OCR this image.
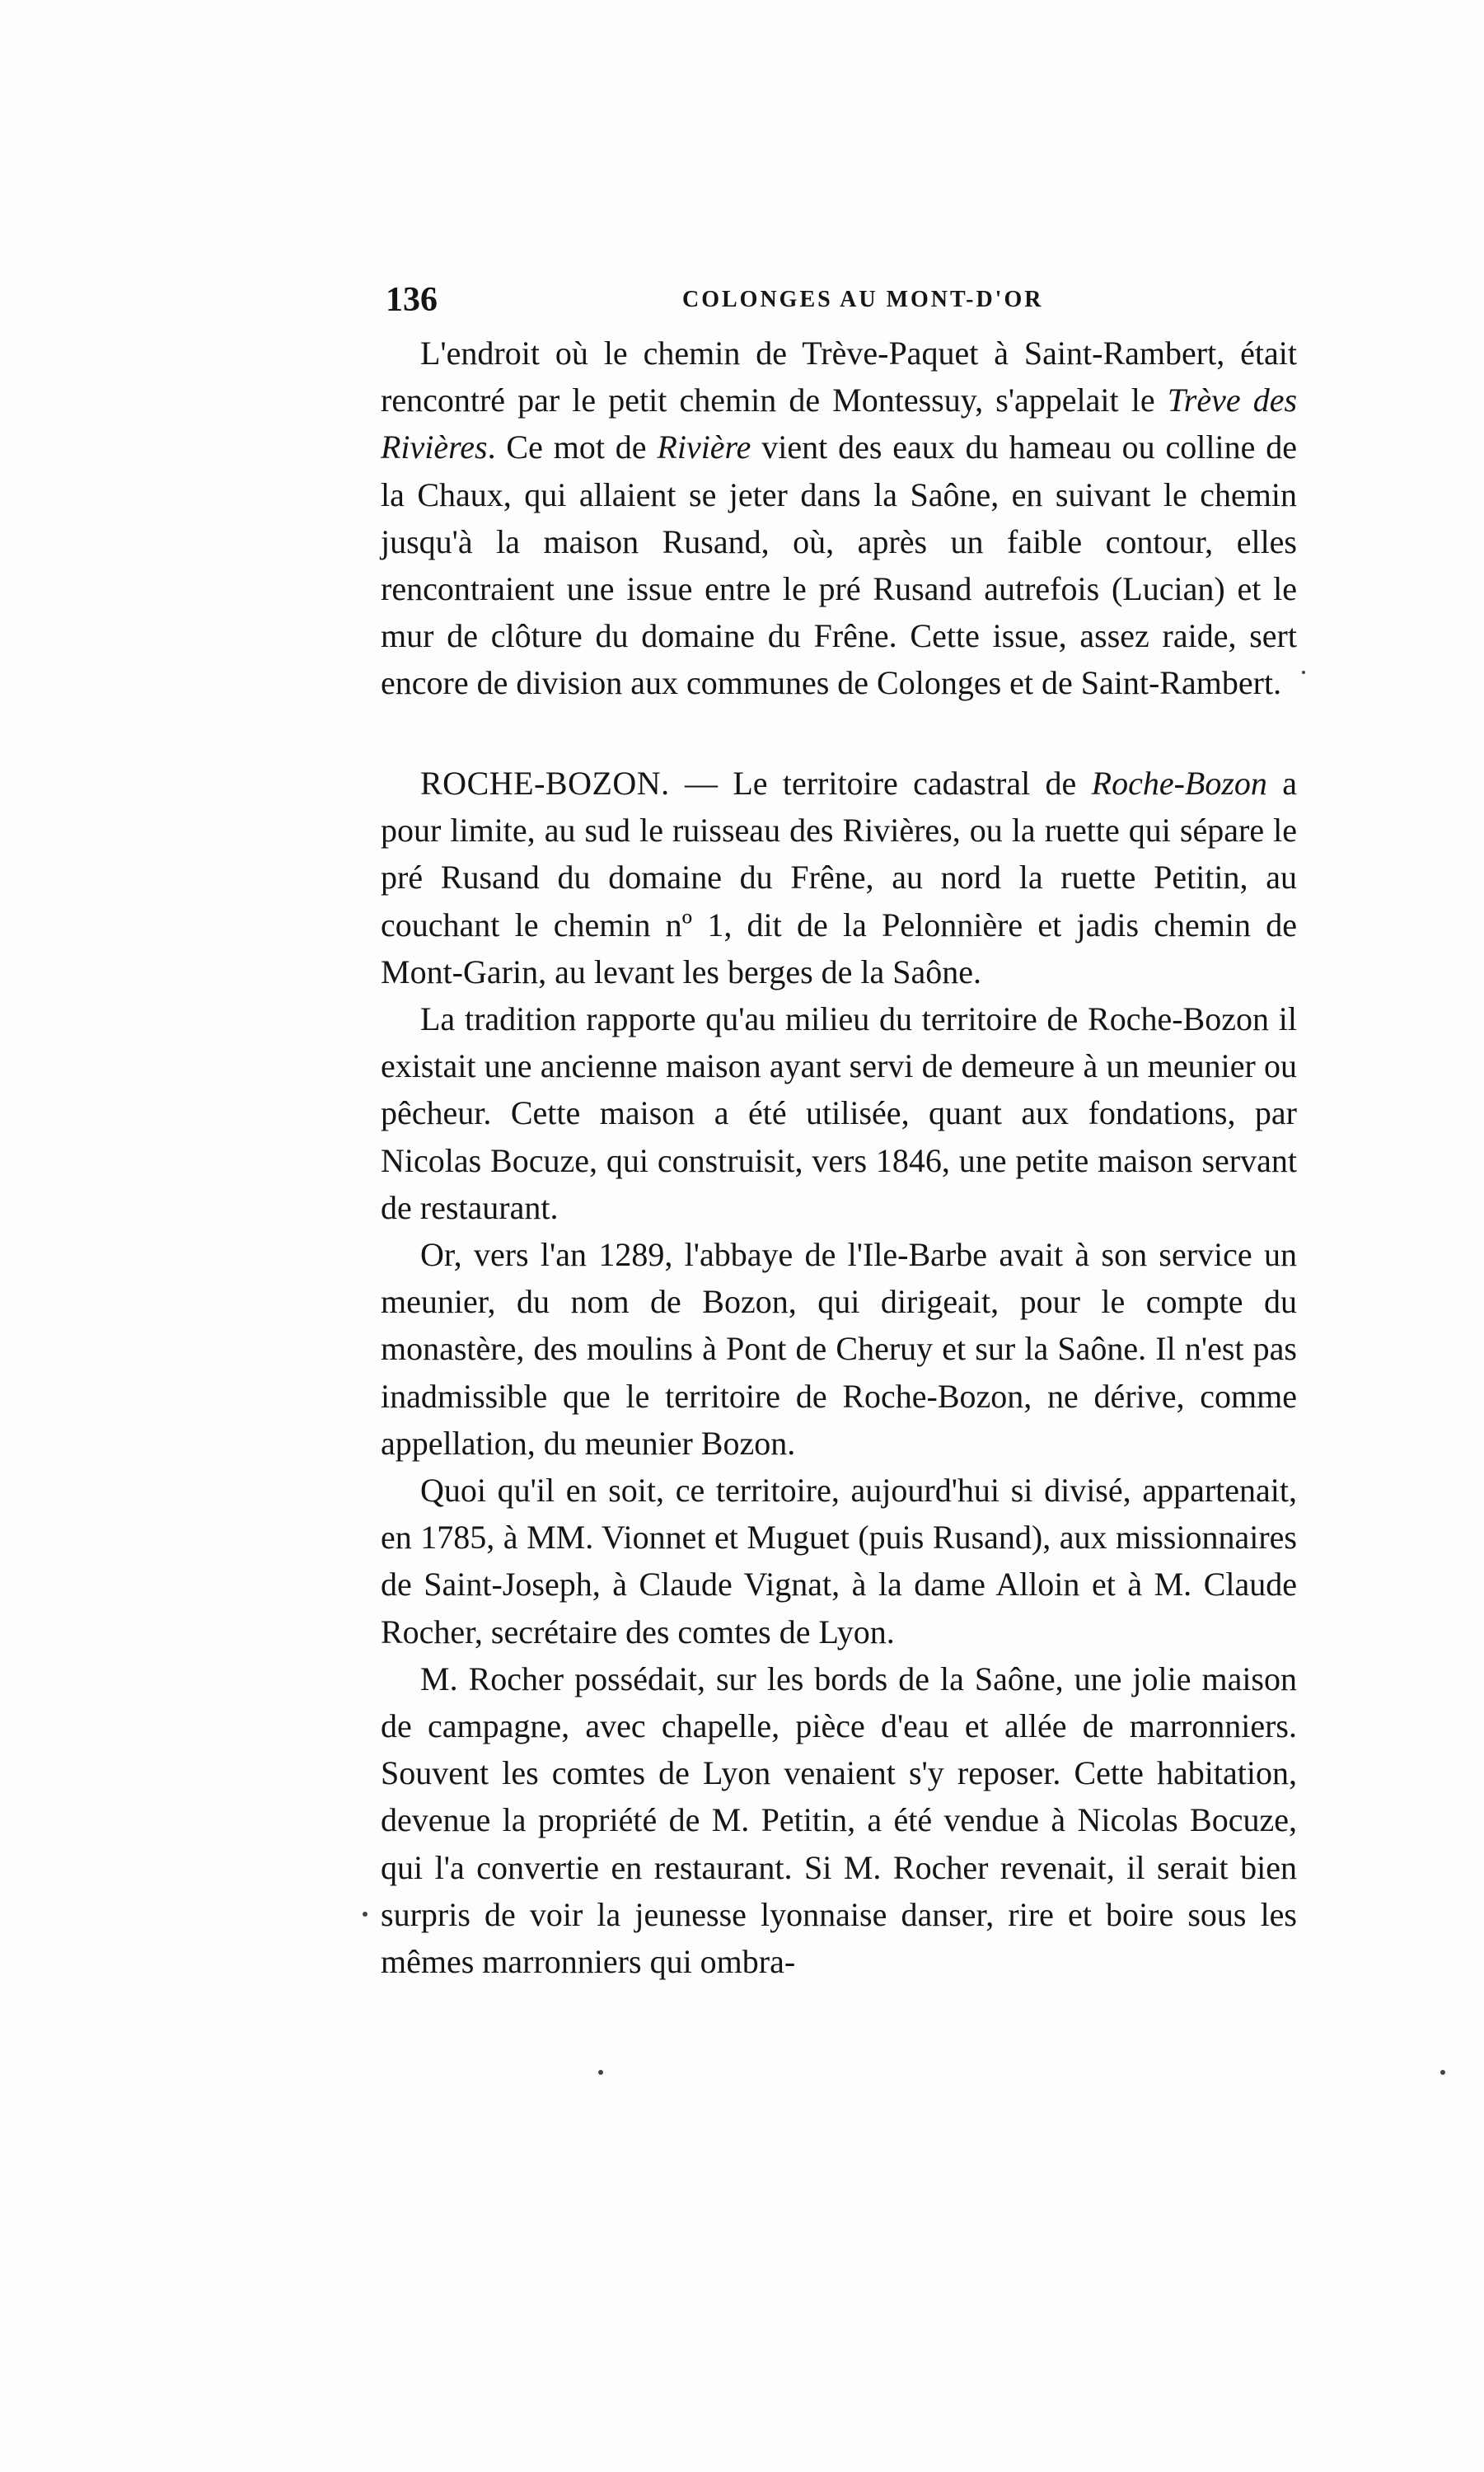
136	COLONGES AU MONT-D'OR

L'endroit où le chemin de Trève-Paquet à Saint-Rambert, était rencontré par le petit chemin de Montessuy, s'appelait le Trève des Rivières. Ce mot de Rivière vient des eaux du hameau ou colline de la Chaux, qui allaient se jeter dans la Saône, en suivant le chemin jusqu'à la maison Rusand, où, après un faible contour, elles rencontraient une issue entre le pré Rusand autrefois (Lucian) et le mur de clôture du domaine du Frêne. Cette issue, assez raide, sert encore de division aux communes de Colonges et de Saint-Rambert.

ROCHE-BOZON. — Le territoire cadastral de Roche-Bozon a pour limite, au sud le ruisseau des Rivières, ou la ruette qui sépare le pré Rusand du domaine du Frêne, au nord la ruette Petitin, au couchant le chemin nº 1, dit de la Pelonnière et jadis chemin de Mont-Garin, au levant les berges de la Saône.

La tradition rapporte qu'au milieu du territoire de Roche-Bozon il existait une ancienne maison ayant servi de demeure à un meunier ou pêcheur. Cette maison a été utilisée, quant aux fondations, par Nicolas Bocuze, qui construisit, vers 1846, une petite maison servant de restaurant.

Or, vers l'an 1289, l'abbaye de l'Ile-Barbe avait à son service un meunier, du nom de Bozon, qui dirigeait, pour le compte du monastère, des moulins à Pont de Cheruy et sur la Saône. Il n'est pas inadmissible que le territoire de Roche-Bozon, ne dérive, comme appellation, du meunier Bozon.

Quoi qu'il en soit, ce territoire, aujourd'hui si divisé, appartenait, en 1785, à MM. Vionnet et Muguet (puis Rusand), aux missionnaires de Saint-Joseph, à Claude Vignat, à la dame Alloin et à M. Claude Rocher, secrétaire des comtes de Lyon.

M. Rocher possédait, sur les bords de la Saône, une jolie maison de campagne, avec chapelle, pièce d'eau et allée de marronniers. Souvent les comtes de Lyon venaient s'y reposer. Cette habitation, devenue la propriété de M. Petitin, a été vendue à Nicolas Bocuze, qui l'a convertie en restaurant. Si M. Rocher revenait, il serait bien surpris de voir la jeunesse lyonnaise danser, rire et boire sous les mêmes marronniers qui ombra-
